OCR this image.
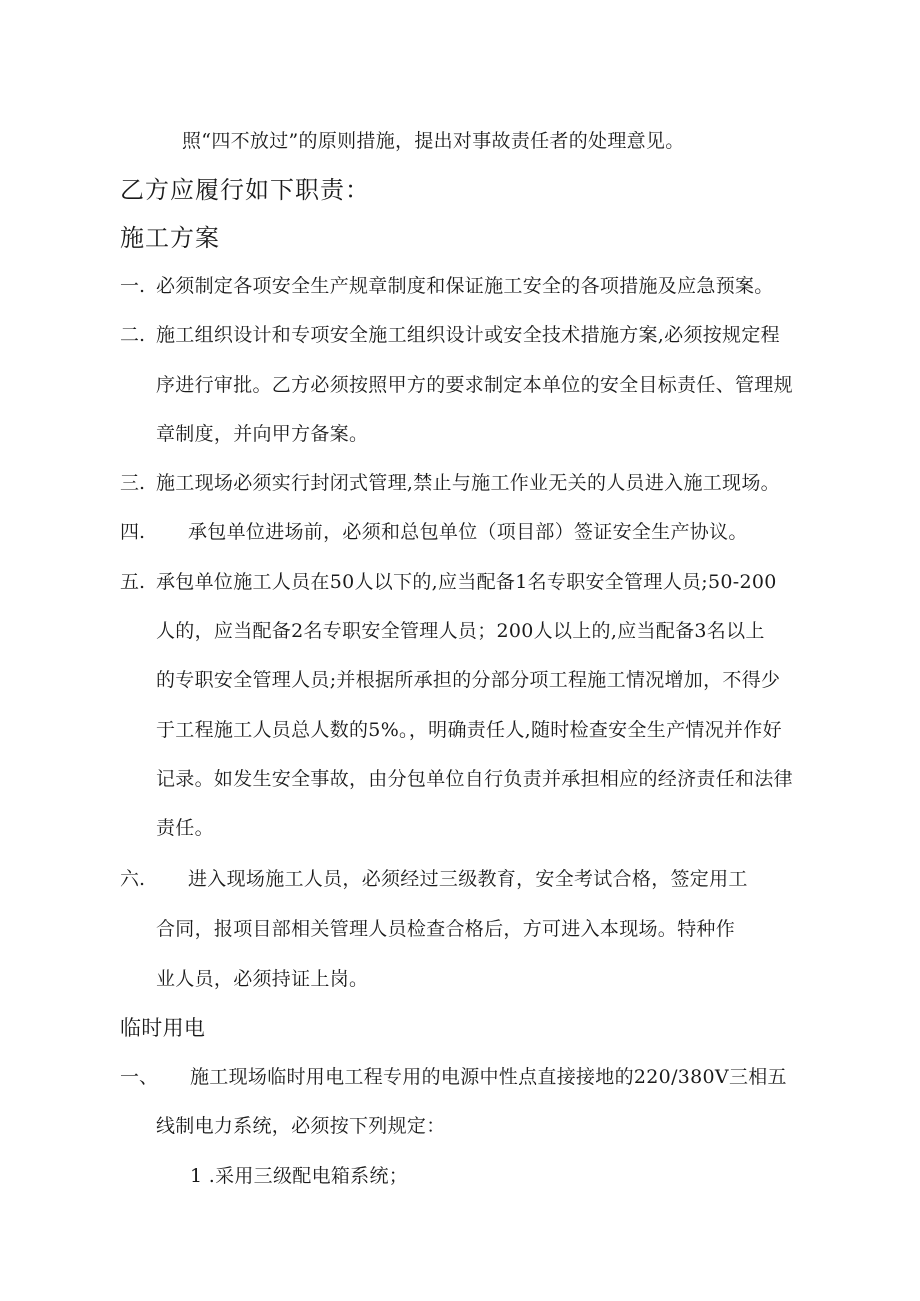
照“四不放过”的原则措施，提出对事故责任者的处理意见。
乙方应履行如下职责：
施工方案
一. 必须制定各项安全生产规章制度和保证施工安全的各项措施及应急预案。
二. 施工组织设计和专项安全施工组织设计或安全技术措施方案,必须按规定程
序进行审批。乙方必须按照甲方的要求制定本单位的安全目标责任、管理规
章制度，并向甲方备案。
三. 施工现场必须实行封闭式管理,禁止与施工作业无关的人员进入施工现场。
四. 承包单位进场前，必须和总包单位（项目部）签证安全生产协议。
五. 承包单位施工人员在50人以下的,应当配备1名专职安全管理人员;50-200
人的，应当配备2名专职安全管理人员；200人以上的,应当配备3名以上
的专职安全管理人员;并根据所承担的分部分项工程施工情况增加，不得少
于工程施工人员总人数的5%。，明确责任人,随时检查安全生产情况并作好
记录。如发生安全事故，由分包单位自行负责并承担相应的经济责任和法律
责任。
六. 进入现场施工人员，必须经过三级教育，安全考试合格，签定用工
合同，报项目部相关管理人员检查合格后，方可进入本现场。特种作
业人员，必须持证上岗。
临时用电
一、 施工现场临时用电工程专用的电源中性点直接接地的220/380V三相五
线制电力系统，必须按下列规定：
1 .采用三级配电箱系统；
